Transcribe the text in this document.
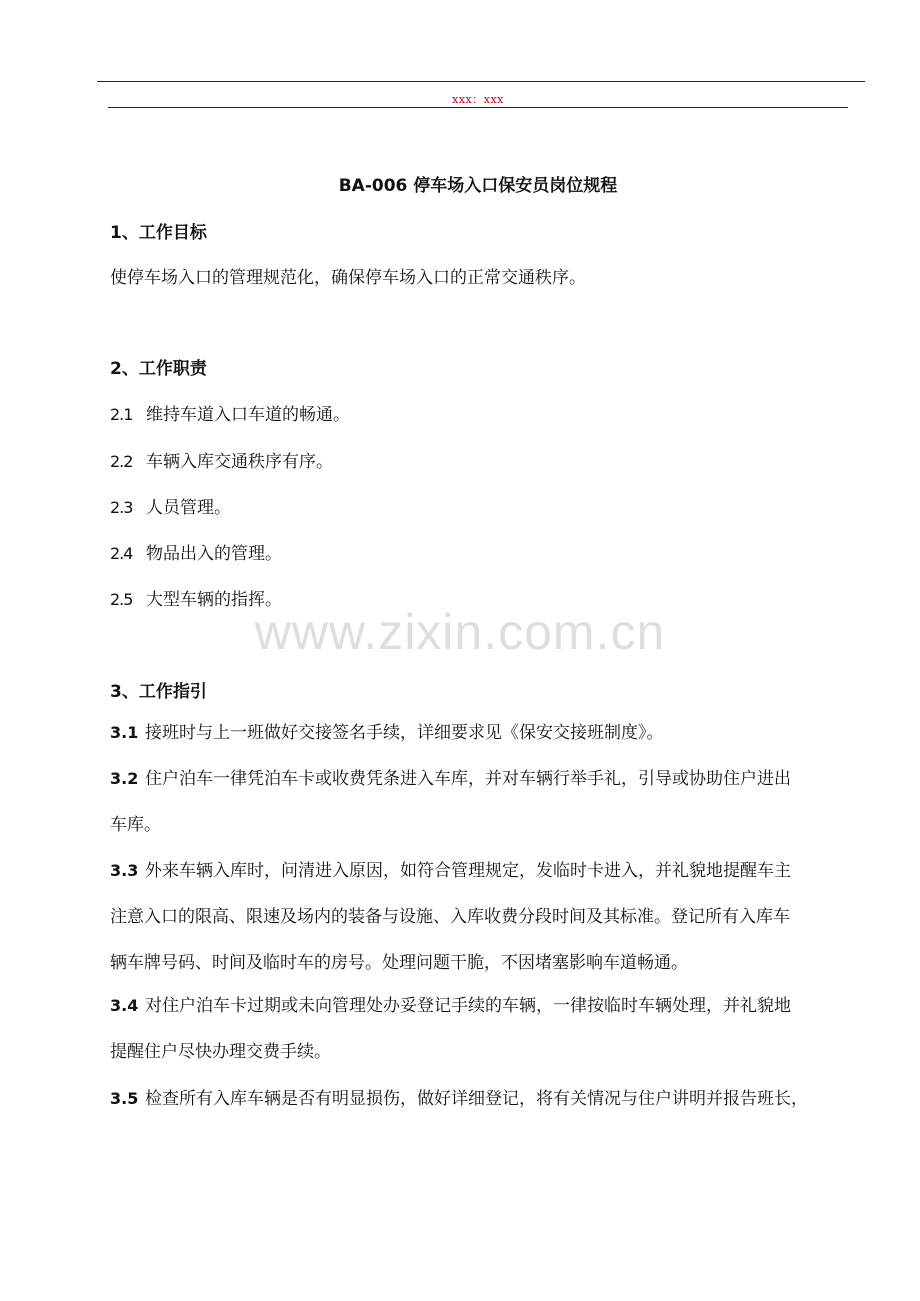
xxx：xxx
BA-006 停车场入口保安员岗位规程
1、工作目标

使停车场入口的管理规范化，确保停车场入口的正常交通秩序。

2、工作职责
2.1 维持车道入口车道的畅通。
2.2 车辆入库交通秩序有序。
2.3 人员管理。
2.4 物品出入的管理。
2.5 大型车辆的指挥。
www.zixin.com.cn
3、工作指引
3.1 接班时与上一班做好交接签名手续，详细要求见《保安交接班制度》。
3.2 住户泊车一律凭泊车卡或收费凭条进入车库，并对车辆行举手礼，引导或协助住户进出
车库。
3.3 外来车辆入库时，问清进入原因，如符合管理规定，发临时卡进入，并礼貌地提醒车主
注意入口的限高、限速及场内的装备与设施、入库收费分段时间及其标准。登记所有入库车
辆车牌号码、时间及临时车的房号。处理问题干脆，不因堵塞影响车道畅通。
3.4 对住户泊车卡过期或未向管理处办妥登记手续的车辆，一律按临时车辆处理，并礼貌地
提醒住户尽快办理交费手续。
3.5 检查所有入库车辆是否有明显损伤，做好详细登记，将有关情况与住户讲明并报告班长，
